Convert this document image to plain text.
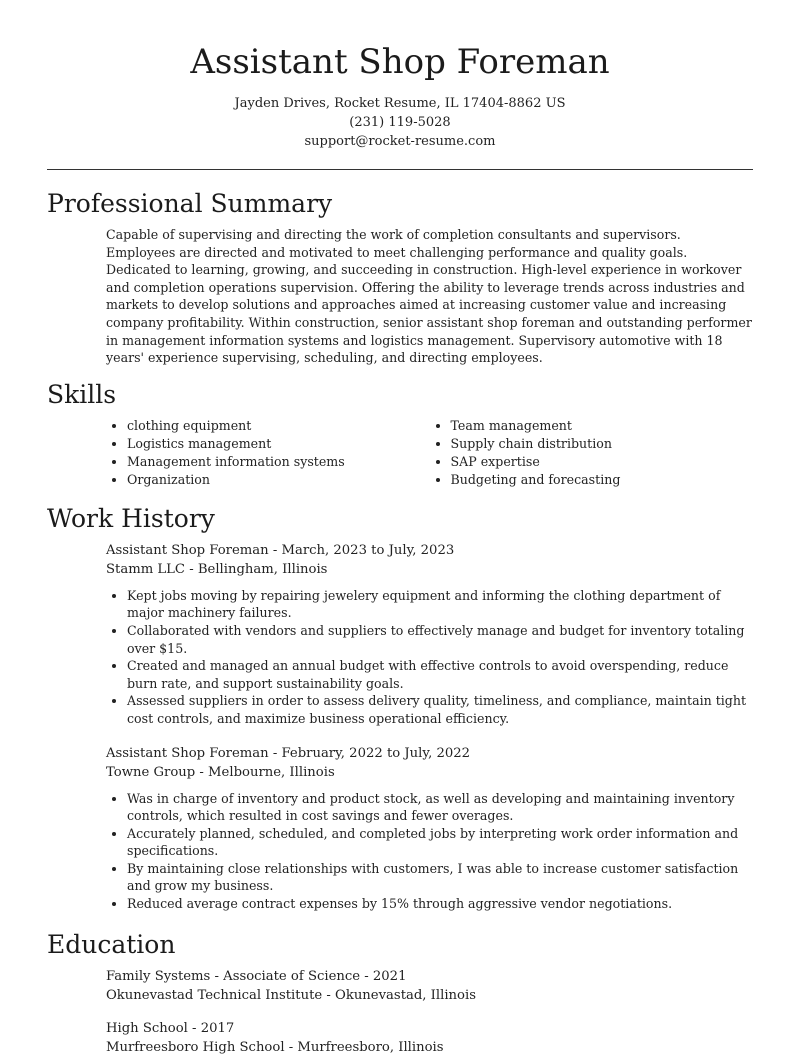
Assistant Shop Foreman
Jayden Drives, Rocket Resume, IL 17404-8862 US
(231) 119-5028
support@rocket-resume.com
Professional Summary

Capable of supervising and directing the work of completion consultants and supervisors. Employees are directed and motivated to meet challenging performance and quality goals. Dedicated to learning, growing, and succeeding in construction. High-level experience in workover and completion operations supervision. Offering the ability to leverage trends across industries and markets to develop solutions and approaches aimed at increasing customer value and increasing company profitability. Within construction, senior assistant shop foreman and outstanding performer in management information systems and logistics management. Supervisory automotive with 18 years' experience supervising, scheduling, and directing employees.

Skills
• clothing equipment
• Logistics management
• Management information systems
• Organization
• Team management
• Supply chain distribution
• SAP expertise
• Budgeting and forecasting
Work History
Assistant Shop Foreman - March, 2023 to July, 2023
Stamm LLC - Bellingham, Illinois
• Kept jobs moving by repairing jewelery equipment and informing the clothing department of major machinery failures.
• Collaborated with vendors and suppliers to effectively manage and budget for inventory totaling over $15.
• Created and managed an annual budget with effective controls to avoid overspending, reduce burn rate, and support sustainability goals.
• Assessed suppliers in order to assess delivery quality, timeliness, and compliance, maintain tight cost controls, and maximize business operational efficiency.
Assistant Shop Foreman - February, 2022 to July, 2022
Towne Group - Melbourne, Illinois
• Was in charge of inventory and product stock, as well as developing and maintaining inventory controls, which resulted in cost savings and fewer overages.
• Accurately planned, scheduled, and completed jobs by interpreting work order information and specifications.
• By maintaining close relationships with customers, I was able to increase customer satisfaction and grow my business.
• Reduced average contract expenses by 15% through aggressive vendor negotiations.
Education
Family Systems - Associate of Science - 2021
Okunevastad Technical Institute - Okunevastad, Illinois
High School - 2017
Murfreesboro High School - Murfreesboro, Illinois
